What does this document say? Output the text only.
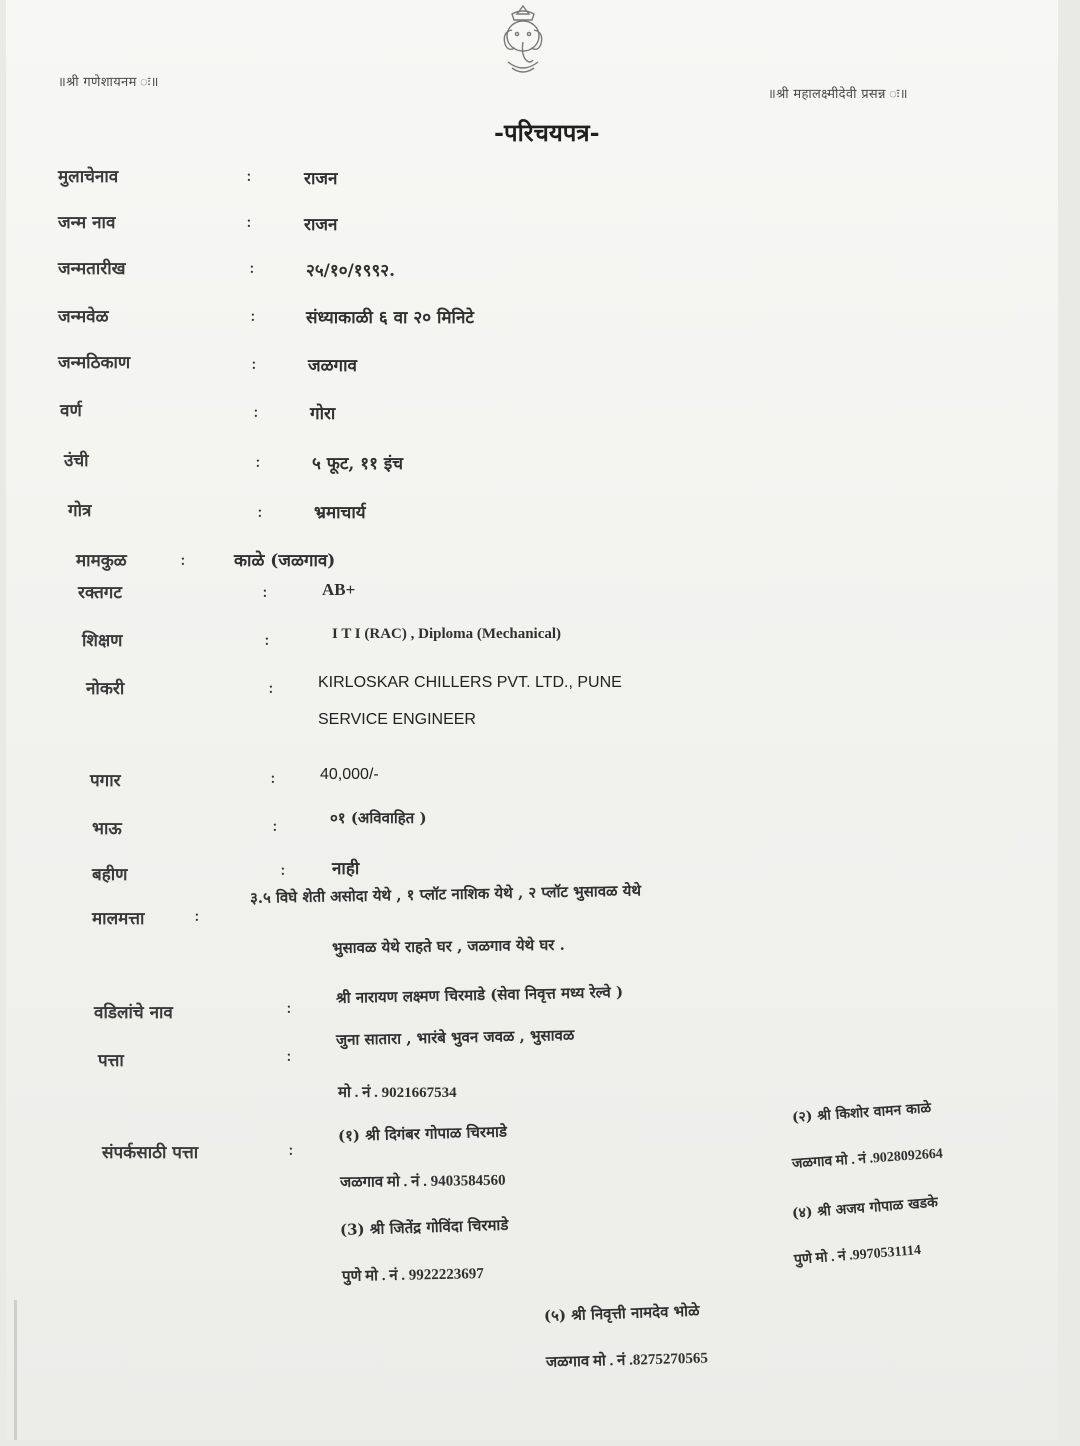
॥श्री गणेशायनम ः॥
॥श्री महालक्ष्मीदेवी प्रसन्न ः॥
-परिचयपत्र-
मुलाचेनाव	:	राजन
जन्म नाव	:	राजन
जन्मतारीख	:	२५/१०/१९९२.
जन्मवेळ	:	संध्याकाळी ६ वा २० मिनिटे
जन्मठिकाण	:	जळगाव
वर्ण	:	गोरा
उंची	:	५ फूट, ११ इंच
गोत्र	:	भ्रमाचार्य
मामकुळ	:	काळे (जळगाव)
रक्तगट	:	AB+
शिक्षण	:	I T I (RAC) , Diploma (Mechanical)
नोकरी	:	KIRLOSKAR CHILLERS PVT. LTD., PUNE
SERVICE ENGINEER
पगार	:	40,000/-
भाऊ	:	०१ (अविवाहित )
बहीण	:	नाही
मालमत्ता	:
३.५ विघे शेती असोदा येथे , १ प्लॉट नाशिक येथे , २ प्लॉट भुसावळ येथे
भुसावळ येथे राहते घर , जळगाव येथे घर .
वडिलांचे नाव	:
श्री नारायण लक्ष्मण चिरमाडे (सेवा निवृत्त मध्य रेल्वे )
पत्ता	:
जुना सातारा , भारंबे भुवन जवळ , भुसावळ
मो . नं . 9021667534
संपर्कसाठी पत्ता	:
(१) श्री दिगंबर गोपाळ चिरमाडे
जळगाव मो . नं . 9403584560
(२) श्री किशोर वामन काळे
जळगाव मो . नं .9028092664
(3) श्री जितेंद्र गोविंदा चिरमाडे
पुणे मो . नं . 9922223697
(४) श्री अजय गोपाळ खडके
पुणे मो . नं .9970531114
(५) श्री निवृत्ती नामदेव भोळे
जळगाव मो . नं .8275270565
